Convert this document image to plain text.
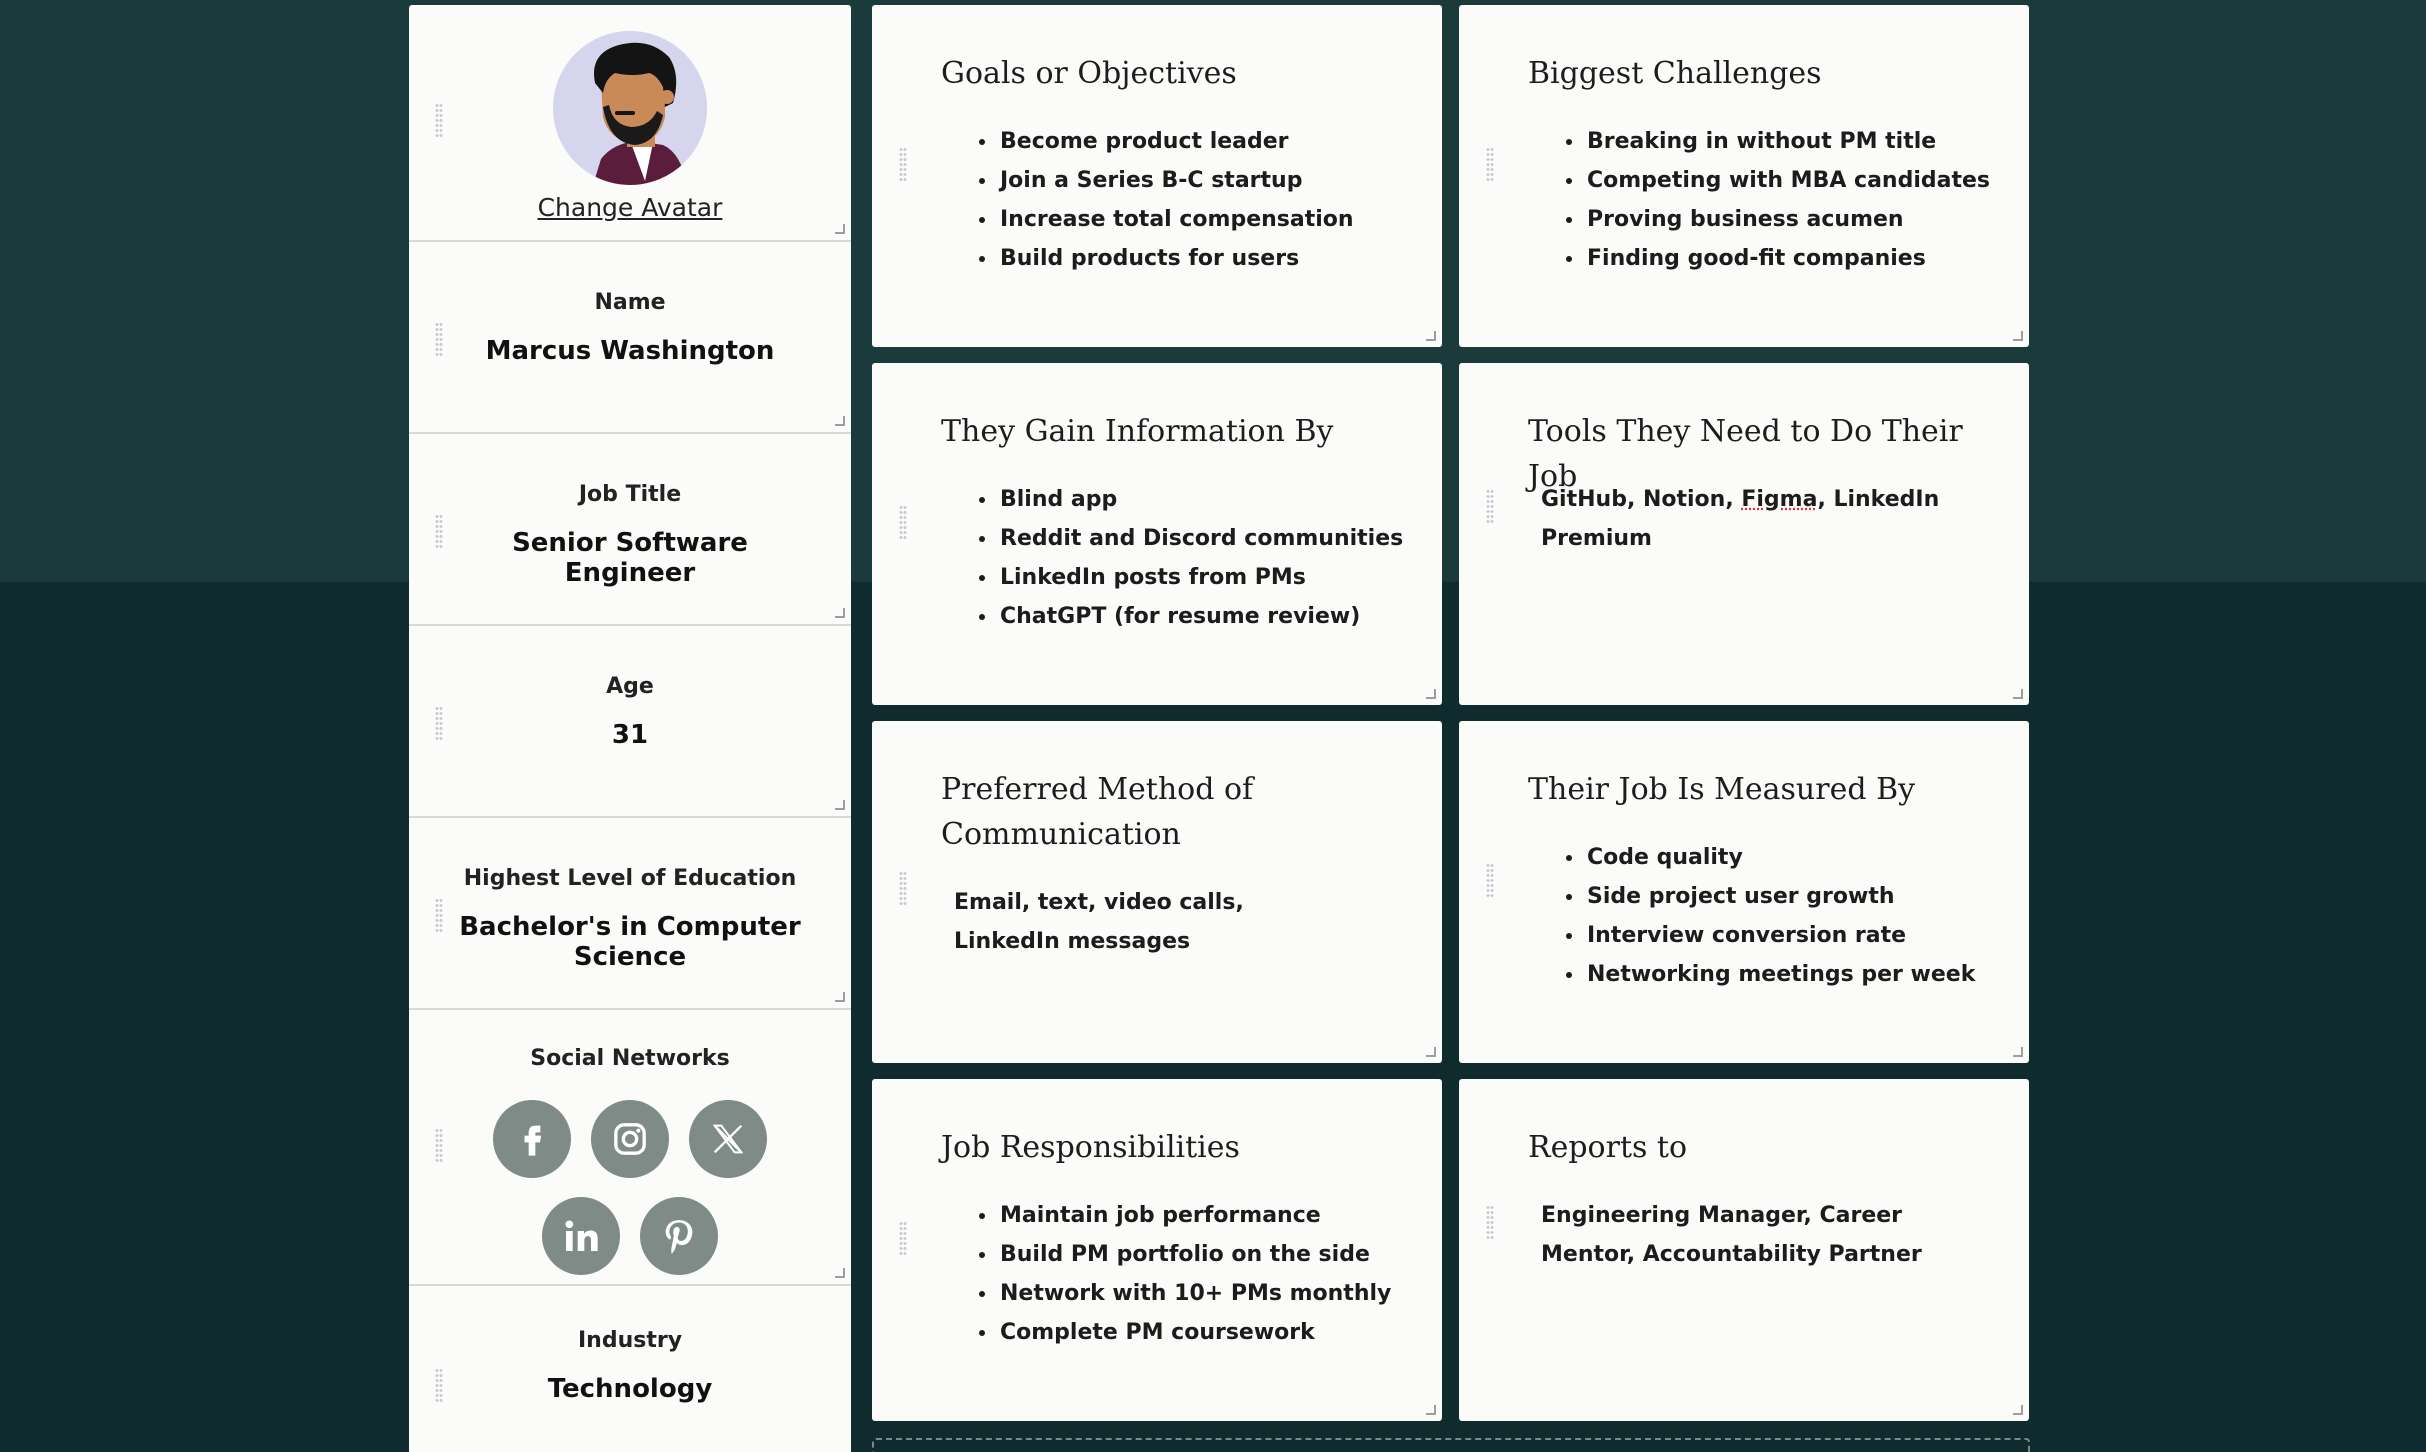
Change Avatar
Name
Marcus Washington
Job Title
Senior Software Engineer
Age
31
Highest Level of Education
Bachelor's in Computer Science
Social Networks
Industry
Technology
Goals or Objectives
• Become product leader
• Join a Series B-C startup
• Increase total compensation
• Build products for users
Biggest Challenges
• Breaking in without PM title
• Competing with MBA candidates
• Proving business acumen
• Finding good-fit companies
They Gain Information By
• Blind app
• Reddit and Discord communities
• LinkedIn posts from PMs
• ChatGPT (for resume review)
Tools They Need to Do Their Job
GitHub, Notion, Figma, LinkedIn Premium
Preferred Method of Communication
Email, text, video calls, LinkedIn messages
Their Job Is Measured By
• Code quality
• Side project user growth
• Interview conversion rate
• Networking meetings per week
Job Responsibilities
• Maintain job performance
• Build PM portfolio on the side
• Network with 10+ PMs monthly
• Complete PM coursework
Reports to
Engineering Manager, Career Mentor, Accountability Partner
